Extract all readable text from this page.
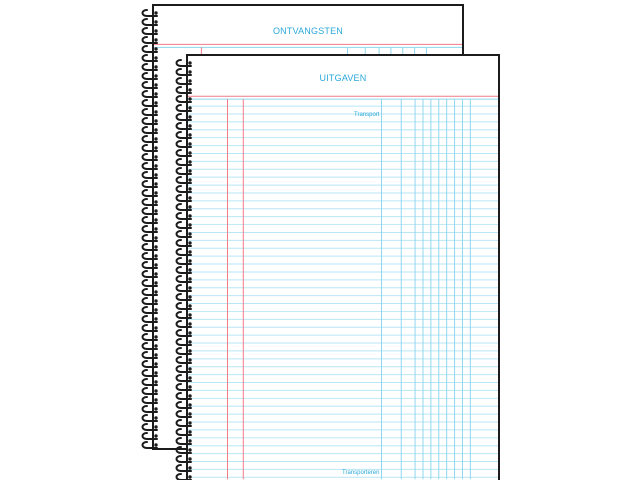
ONTVANGSTEN
UITGAVEN
Transport
Transporteren
